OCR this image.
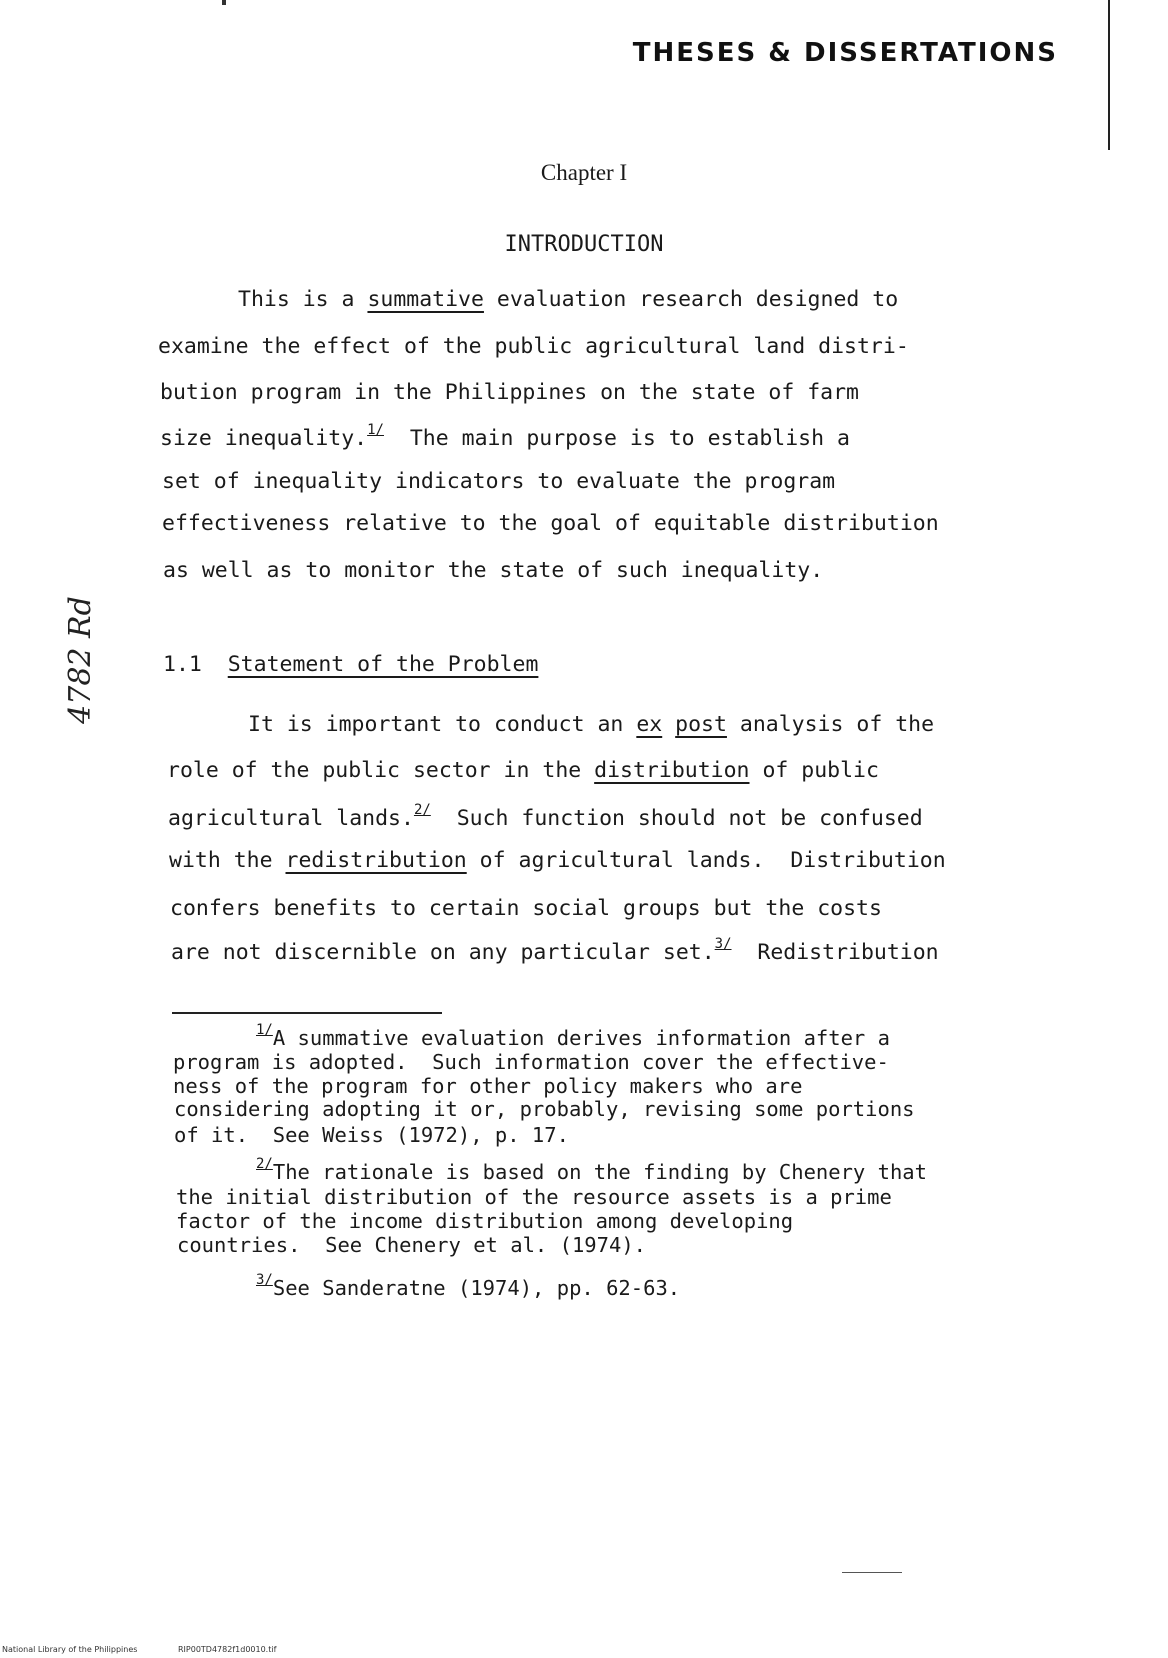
THESES & DISSERTATIONS
Chapter I
INTRODUCTION
4782 Rd
This is a summative evaluation research designed to
examine the effect of the public agricultural land distri-
bution program in the Philippines on the state of farm
size inequality.$^{1/}$  The main purpose is to establish a
set of inequality indicators to evaluate the program
effectiveness relative to the goal of equitable distribution
as well as to monitor the state of such inequality.
1.1 Statement of the Problem
It is important to conduct an ex post analysis of the
role of the public sector in the distribution of public
agricultural lands.$^{2/}$  Such function should not be confused
with the redistribution of agricultural lands.  Distribution
confers benefits to certain social groups but the costs
are not discernible on any particular set.$^{3/}$  Redistribution
$^{1/}$A summative evaluation derives information after a
program is adopted.  Such information cover the effective-
ness of the program for other policy makers who are
considering adopting it or, probably, revising some portions
of it.  See Weiss (1972), p. 17.
$^{2/}$The rationale is based on the finding by Chenery that
the initial distribution of the resource assets is a prime
factor of the income distribution among developing
countries.  See Chenery et al. (1974).
$^{3/}$See Sanderatne (1974), pp. 62-63.
National Library of the Philippines	RIP00TD4782f1d0010.tif
